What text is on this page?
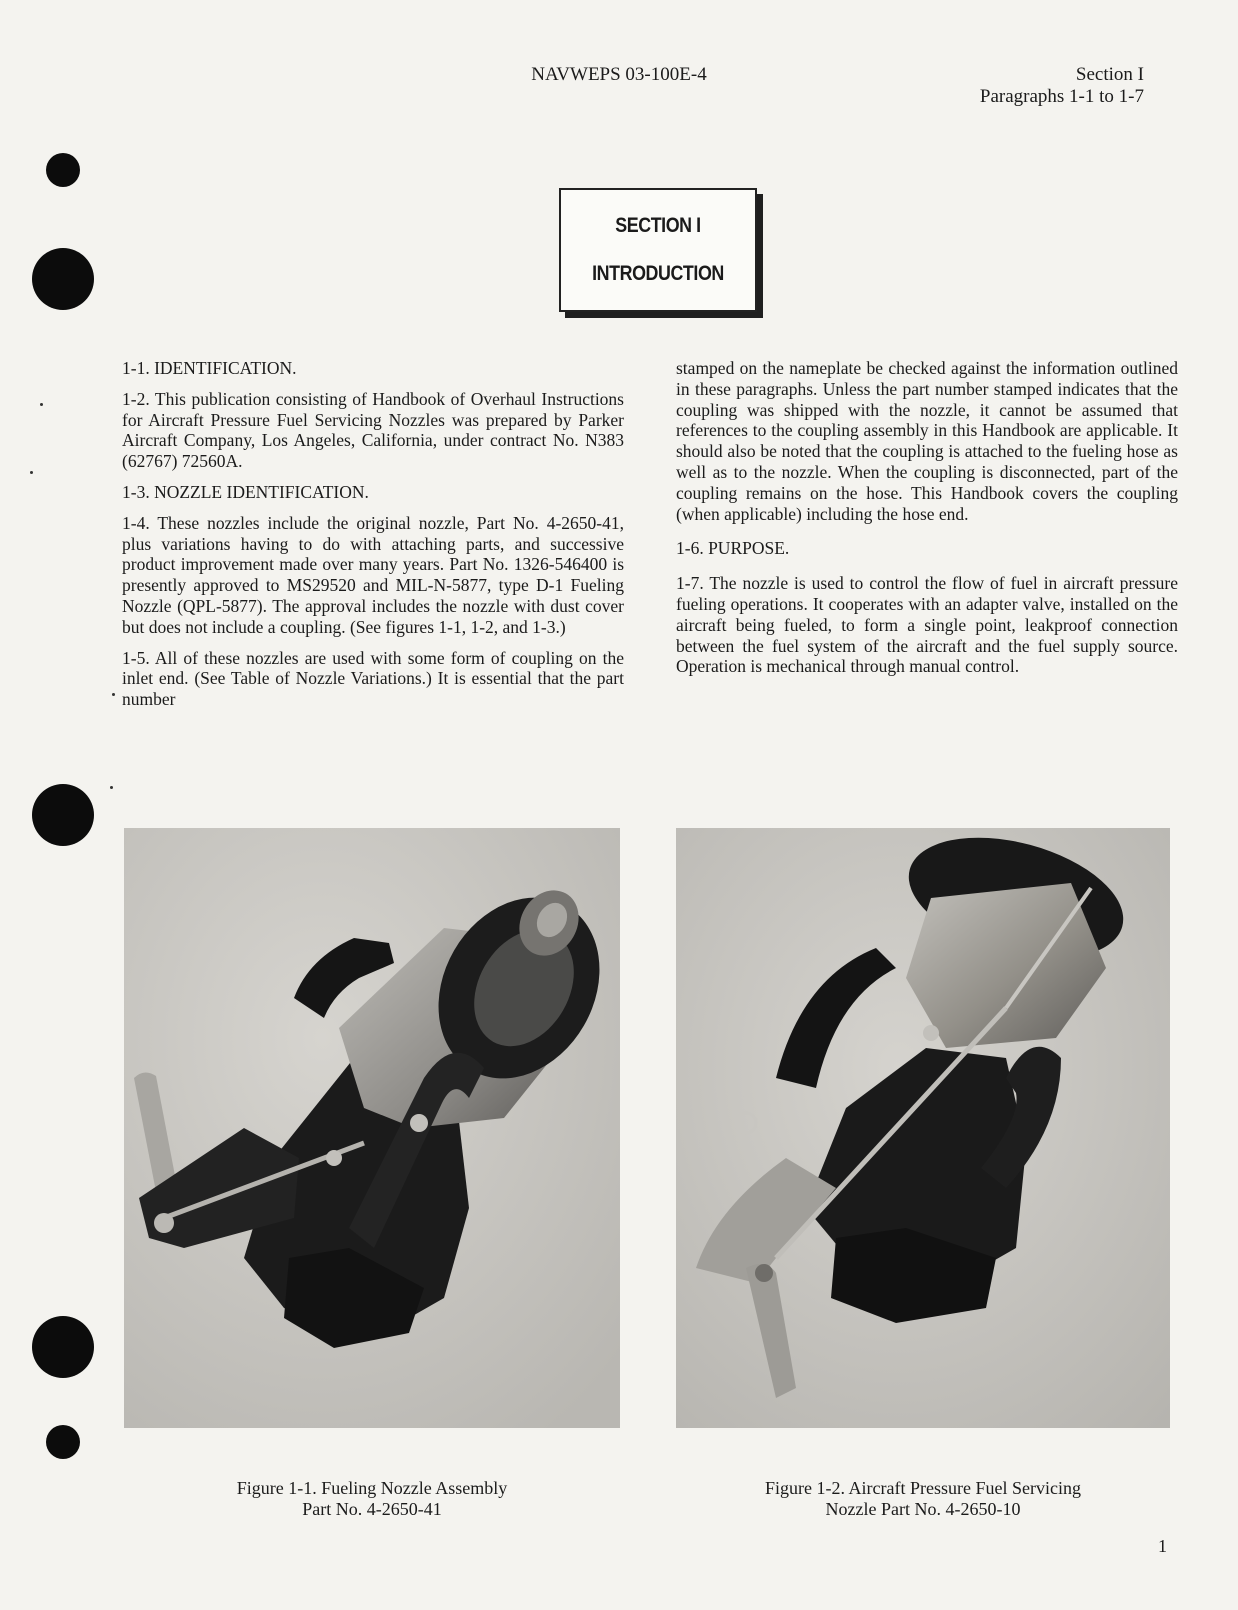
NAVWEPS 03-100E-4	Section I
Paragraphs 1-1 to 1-7
SECTION I
INTRODUCTION

1-1. IDENTIFICATION.

1-2. This publication consisting of Handbook of Overhaul Instructions for Aircraft Pressure Fuel Servicing Nozzles was prepared by Parker Aircraft Company, Los Angeles, California, under contract No. N383 (62767) 72560A.

1-3. NOZZLE IDENTIFICATION.

1-4. These nozzles include the original nozzle, Part No. 4-2650-41, plus variations having to do with attaching parts, and successive product improvement made over many years. Part No. 1326-546400 is presently approved to MS29520 and MIL-N-5877, type D-1 Fueling Nozzle (QPL-5877). The approval includes the nozzle with dust cover but does not include a coupling. (See figures 1-1, 1-2, and 1-3.)

1-5. All of these nozzles are used with some form of coupling on the inlet end. (See Table of Nozzle Variations.) It is essential that the part number

stamped on the nameplate be checked against the information outlined in these paragraphs. Unless the part number stamped indicates that the coupling was shipped with the nozzle, it cannot be assumed that references to the coupling assembly in this Handbook are applicable. It should also be noted that the coupling is attached to the fueling hose as well as to the nozzle. When the coupling is disconnected, part of the coupling remains on the hose. This Handbook covers the coupling (when applicable) including the hose end.

1-6. PURPOSE.

1-7. The nozzle is used to control the flow of fuel in aircraft pressure fueling operations. It cooperates with an adapter valve, installed on the aircraft being fueled, to form a single point, leakproof connection between the fuel system of the aircraft and the fuel supply source. Operation is mechanical through manual control.

Figure 1-1. Fueling Nozzle Assembly
Part No. 4-2650-41
Figure 1-2. Aircraft Pressure Fuel Servicing
Nozzle Part No. 4-2650-10
1
